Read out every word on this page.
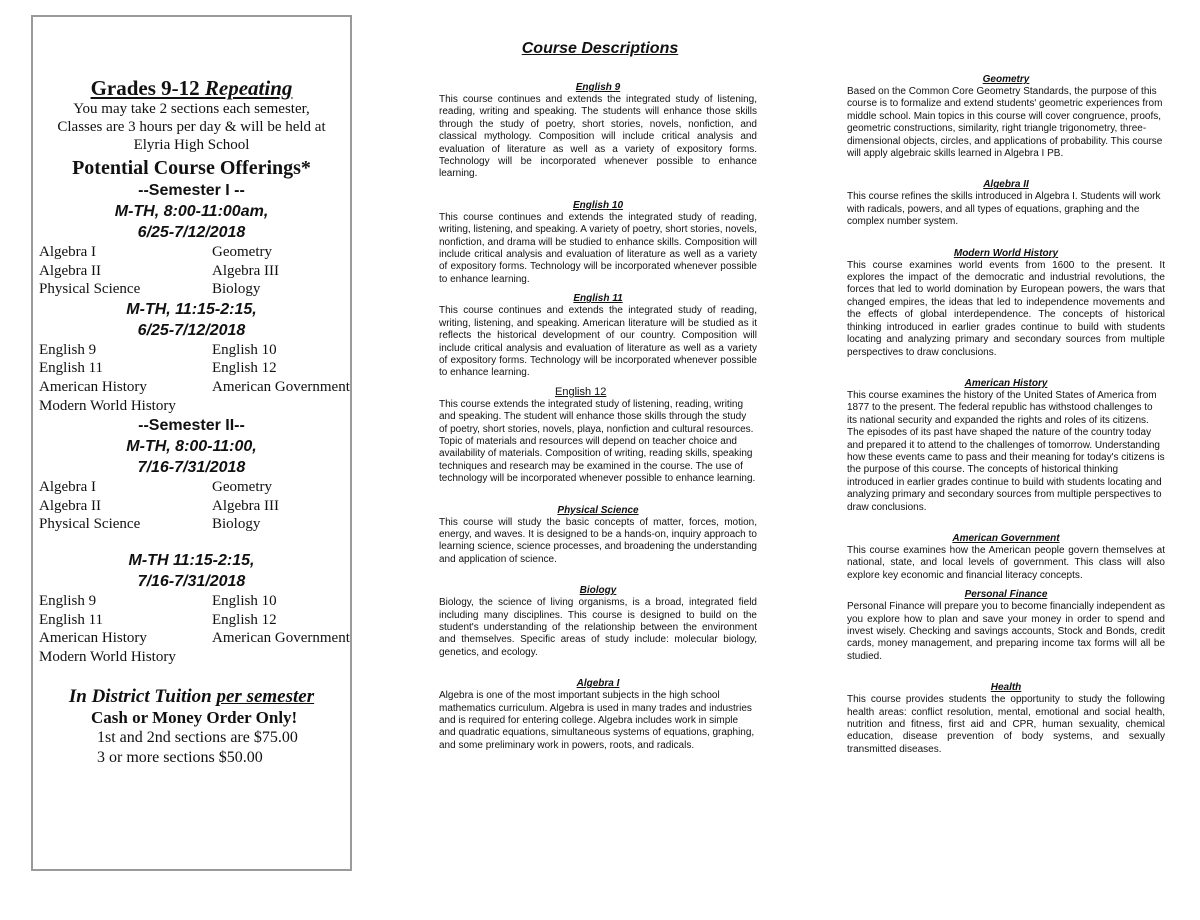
Grades 9-12 Repeating

You may take 2 sections each semester,

Classes are 3 hours per day & will be held at

Elyria High School

Potential Course Offerings*

--Semester I --

M-TH, 8:00-11:00am,

6/25-7/12/2018

Algebra I	Geometry
Algebra II	Algebra III
Physical Science	Biology

M-TH, 11:15-2:15,

6/25-7/12/2018

English 9	English 10
English 11	English 12
American History	American Government

Modern World History

--Semester II--

M-TH, 8:00-11:00,

7/16-7/31/2018

Algebra I	Geometry
Algebra II	Algebra III
Physical Science	Biology

M-TH 11:15-2:15,

7/16-7/31/2018

English 9	English 10
English 11	English 12
American History	American Government

Modern World History

In District Tuition per semester

Cash or Money Order Only!

1st and 2nd sections are $75.00

3 or more sections $50.00

Course Descriptions
English 9
This course continues and extends the integrated study of listening, reading, writing and speaking. The students will enhance those skills through the study of poetry, short stories, novels, nonfiction, and classical mythology. Composition will include critical analysis and evaluation of literature as well as a variety of expository forms. Technology will be incorporated whenever possible to enhance learning.
English 10
This course continues and extends the integrated study of reading, writing, listening, and speaking. A variety of poetry, short stories, novels, nonfiction, and drama will be studied to enhance skills. Composition will include critical analysis and evaluation of literature as well as a variety of expository forms. Technology will be incorporated whenever possible to enhance learning.
English 11
This course continues and extends the integrated study of reading, writing, listening, and speaking. American literature will be studied as it reflects the historical development of our country. Composition will include critical analysis and evaluation of literature as well as a variety of expository forms. Technology will be incorporated whenever possible to enhance learning.
English 12
This course extends the integrated study of listening, reading, writing and speaking. The student will enhance those skills through the study of poetry, short stories, novels, playa, nonfiction and cultural resources. Topic of materials and resources will depend on teacher choice and availability of materials. Composition of writing, reading skills, speaking techniques and research may be examined in the course. The use of technology will be incorporated whenever possible to enhance learning.
Physical Science
This course will study the basic concepts of matter, forces, motion, energy, and waves. It is designed to be a hands-on, inquiry approach to learning science, science processes, and broadening the understanding and application of science.
Biology
Biology, the science of living organisms, is a broad, integrated field including many disciplines. This course is designed to build on the student's understanding of the relationship between the environment and themselves. Specific areas of study include: molecular biology, genetics, and ecology.
Algebra I
Algebra is one of the most important subjects in the high school mathematics curriculum. Algebra is used in many trades and industries and is required for entering college. Algebra includes work in simple and quadratic equations, simultaneous systems of equations, graphing, and some preliminary work in powers, roots, and radicals.
Geometry
Based on the Common Core Geometry Standards, the purpose of this course is to formalize and extend students' geometric experiences from middle school. Main topics in this course will cover congruence, proofs, geometric constructions, similarity, right triangle trigonometry, three-dimensional objects, circles, and applications of probability. This course will apply algebraic skills learned in Algebra I PB.
Algebra II
This course refines the skills introduced in Algebra I. Students will work with radicals, powers, and all types of equations, graphing and the complex number system.
Modern World History
This course examines world events from 1600 to the present. It explores the impact of the democratic and industrial revolutions, the forces that led to world domination by European powers, the wars that changed empires, the ideas that led to independence movements and the effects of global interdependence. The concepts of historical thinking introduced in earlier grades continue to build with students locating and analyzing primary and secondary sources from multiple perspectives to draw conclusions.
American History
This course examines the history of the United States of America from 1877 to the present. The federal republic has withstood challenges to its national security and expanded the rights and roles of its citizens. The episodes of its past have shaped the nature of the country today and prepared it to attend to the challenges of tomorrow. Understanding how these events came to pass and their meaning for today's citizens is the purpose of this course. The concepts of historical thinking introduced in earlier grades continue to build with students locating and analyzing primary and secondary sources from multiple perspectives to draw conclusions.
American Government
This course examines how the American people govern themselves at national, state, and local levels of government. This class will also explore key economic and financial literacy concepts.
Personal Finance
Personal Finance will prepare you to become financially independent as you explore how to plan and save your money in order to spend and invest wisely. Checking and savings accounts, Stock and Bonds, credit cards, money management, and preparing income tax forms will all be studied.
Health
This course provides students the opportunity to study the following health areas: conflict resolution, mental, emotional and social health, nutrition and fitness, first aid and CPR, human sexuality, chemical education, disease prevention of body systems, and sexually transmitted diseases.
